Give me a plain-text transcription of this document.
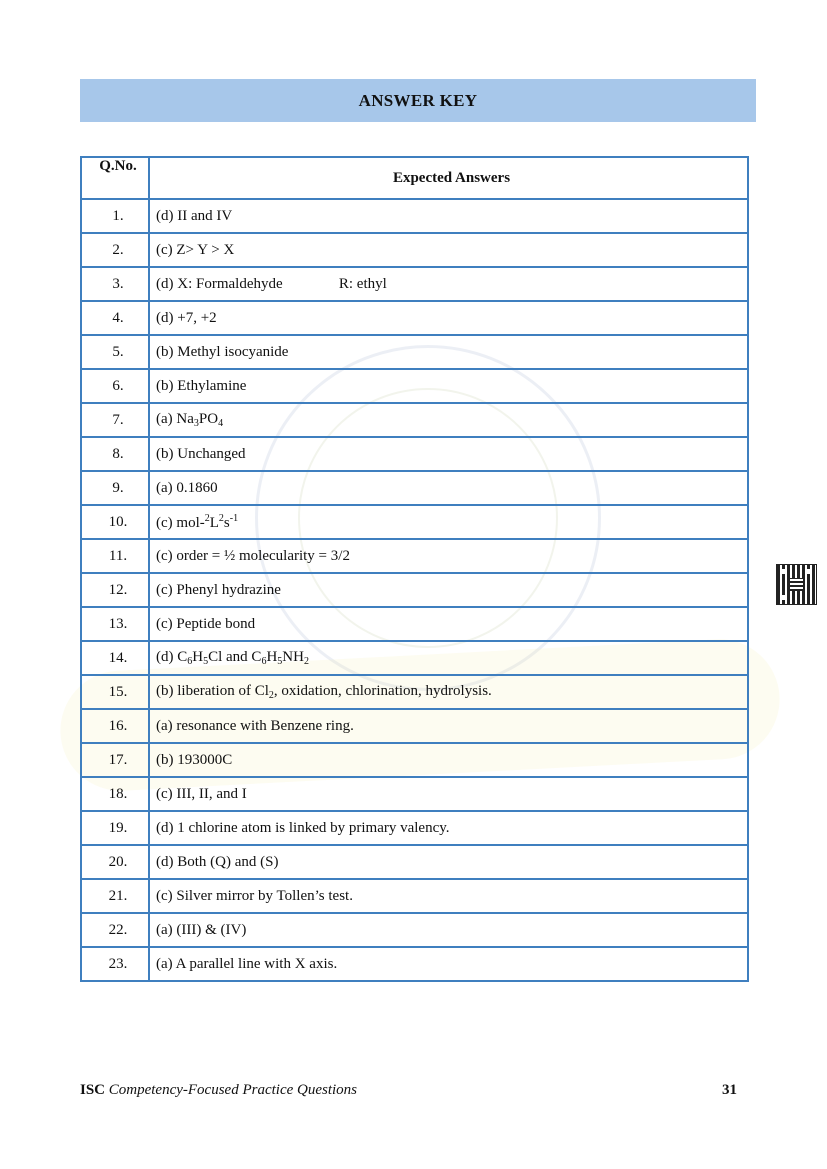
ANSWER KEY
Q.No.	Expected Answers
1.	(d) II and IV
2.	(c) Z> Y > X
3.	(d) X: Formaldehyde               R: ethyl
4.	(d) +7, +2
5.	(b) Methyl isocyanide
6.	(b) Ethylamine
7.	(a) $Na_3PO_4$
8.	(b) Unchanged
9.	(a) 0.1860
10.	(c) mol-$^2L^2s^{-1}$
11.	(c) order = ½ molecularity = 3/2
12.	(c) Phenyl hydrazine
13.	(c) Peptide bond
14.	(d) $C_6H_5Cl$ and $C_6H_5NH_2$
15.	(b) liberation of $Cl_2$, oxidation, chlorination, hydrolysis.
16.	(a) resonance with Benzene ring.
17.	(b) 193000C
18.	(c) III, II, and I
19.	(d) 1 chlorine atom is linked by primary valency.
20.	(d) Both (Q) and (S)
21.	(c) Silver mirror by Tollen’s test.
22.	(a) (III) & (IV)
23.	(a) A parallel line with X axis.
ISC Competency-Focused Practice Questions	31
